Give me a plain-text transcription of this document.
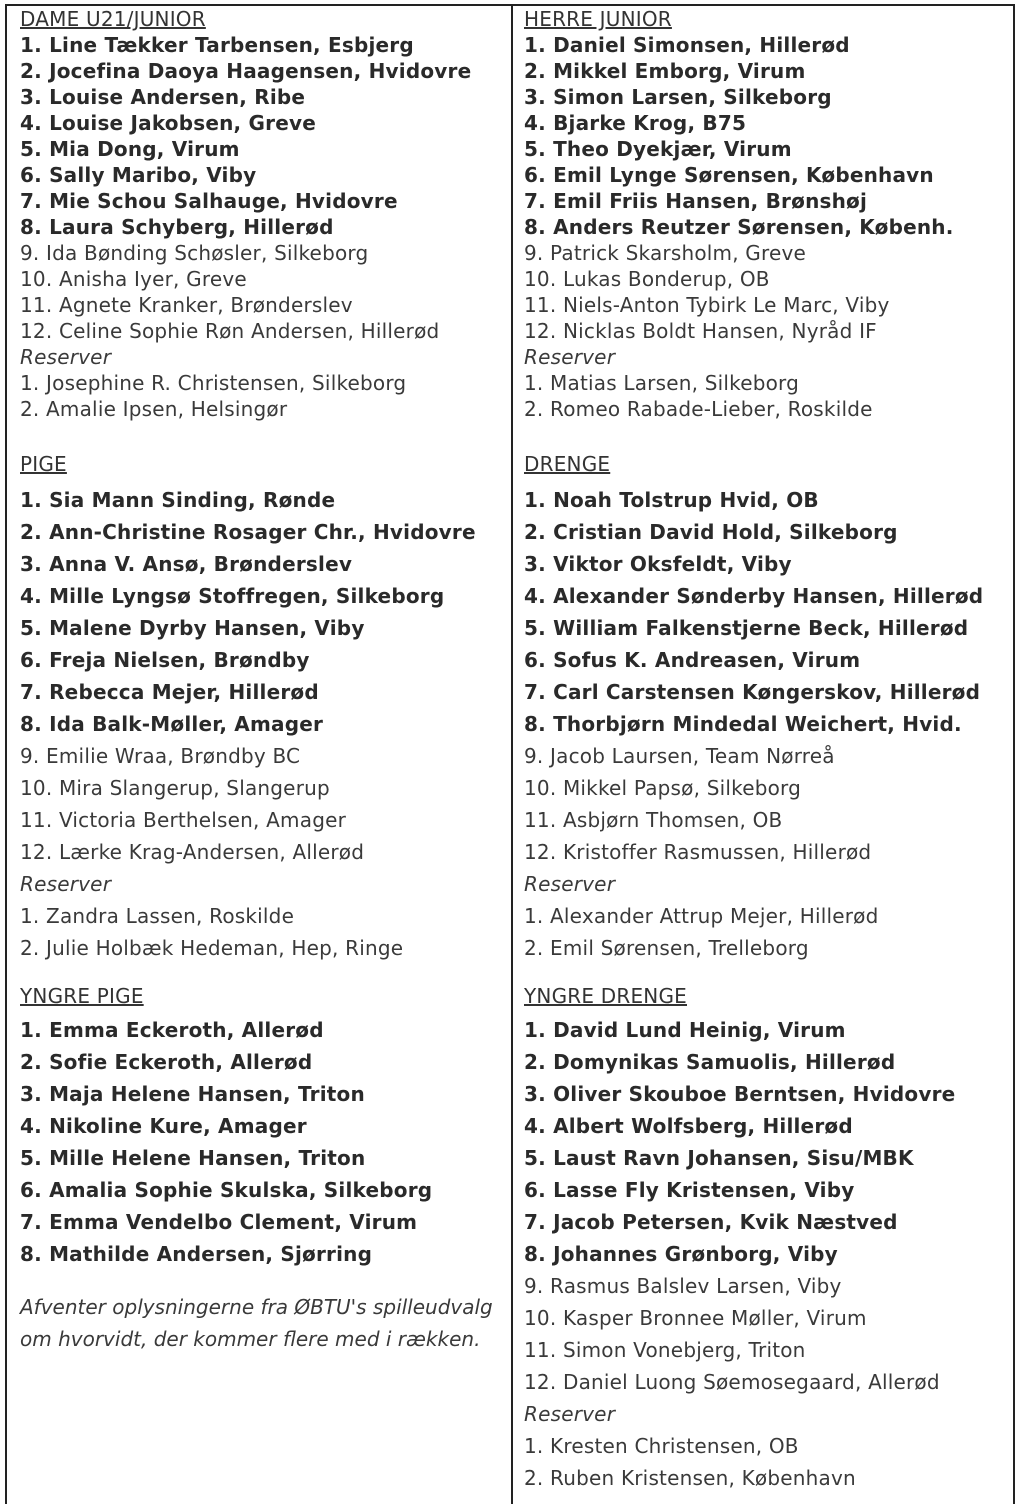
DAME U21/JUNIOR
1. Line Tækker Tarbensen, Esbjerg
2. Jocefina Daoya Haagensen, Hvidovre
3. Louise Andersen, Ribe
4. Louise Jakobsen, Greve
5. Mia Dong, Virum
6. Sally Maribo, Viby
7. Mie Schou Salhauge, Hvidovre
8. Laura Schyberg, Hillerød
9. Ida Bønding Schøsler, Silkeborg
10. Anisha Iyer, Greve
11. Agnete Kranker, Brønderslev
12. Celine Sophie Røn Andersen, Hillerød
Reserver
1. Josephine R. Christensen, Silkeborg
2. Amalie Ipsen, Helsingør
PIGE
1. Sia Mann Sinding, Rønde
2. Ann-Christine Rosager Chr., Hvidovre
3. Anna V. Ansø, Brønderslev
4. Mille Lyngsø Stoffregen, Silkeborg
5. Malene Dyrby Hansen, Viby
6. Freja Nielsen, Brøndby
7. Rebecca Mejer, Hillerød
8. Ida Balk-Møller, Amager
9. Emilie Wraa, Brøndby BC
10. Mira Slangerup, Slangerup
11. Victoria Berthelsen, Amager
12. Lærke Krag-Andersen, Allerød
Reserver
1. Zandra Lassen, Roskilde
2. Julie Holbæk Hedeman, Hep, Ringe
YNGRE PIGE
1. Emma Eckeroth, Allerød
2. Sofie Eckeroth, Allerød
3. Maja Helene Hansen, Triton
4. Nikoline Kure, Amager
5. Mille Helene Hansen, Triton
6. Amalia Sophie Skulska, Silkeborg
7. Emma Vendelbo Clement, Virum
8. Mathilde Andersen, Sjørring
Afventer oplysningerne fra ØBTU's spilleudvalg om hvorvidt, der kommer flere med i rækken.
HERRE JUNIOR
1. Daniel Simonsen, Hillerød
2. Mikkel Emborg, Virum
3. Simon Larsen, Silkeborg
4. Bjarke Krog, B75
5. Theo Dyekjær, Virum
6. Emil Lynge Sørensen, København
7. Emil Friis Hansen, Brønshøj
8. Anders Reutzer Sørensen, Københ.
9. Patrick Skarsholm, Greve
10. Lukas Bonderup, OB
11. Niels-Anton Tybirk Le Marc, Viby
12. Nicklas Boldt Hansen, Nyråd IF
Reserver
1. Matias Larsen, Silkeborg
2. Romeo Rabade-Lieber, Roskilde
DRENGE
1. Noah Tolstrup Hvid, OB
2. Cristian David Hold, Silkeborg
3. Viktor Oksfeldt, Viby
4. Alexander Sønderby Hansen, Hillerød
5. William Falkenstjerne Beck, Hillerød
6. Sofus K. Andreasen, Virum
7. Carl Carstensen Køngerskov, Hillerød
8. Thorbjørn Mindedal Weichert, Hvid.
9. Jacob Laursen, Team Nørreå
10. Mikkel Papsø, Silkeborg
11. Asbjørn Thomsen, OB
12. Kristoffer Rasmussen, Hillerød
Reserver
1. Alexander Attrup Mejer, Hillerød
2. Emil Sørensen, Trelleborg
YNGRE DRENGE
1. David Lund Heinig, Virum
2. Domynikas Samuolis, Hillerød
3. Oliver Skouboe Berntsen, Hvidovre
4. Albert Wolfsberg, Hillerød
5. Laust Ravn Johansen, Sisu/MBK
6. Lasse Fly Kristensen, Viby
7. Jacob Petersen, Kvik Næstved
8. Johannes Grønborg, Viby
9. Rasmus Balslev Larsen, Viby
10. Kasper Bronnee Møller, Virum
11. Simon Vonebjerg, Triton
12. Daniel Luong Søemosegaard, Allerød
Reserver
1. Kresten Christensen, OB
2. Ruben Kristensen, København
